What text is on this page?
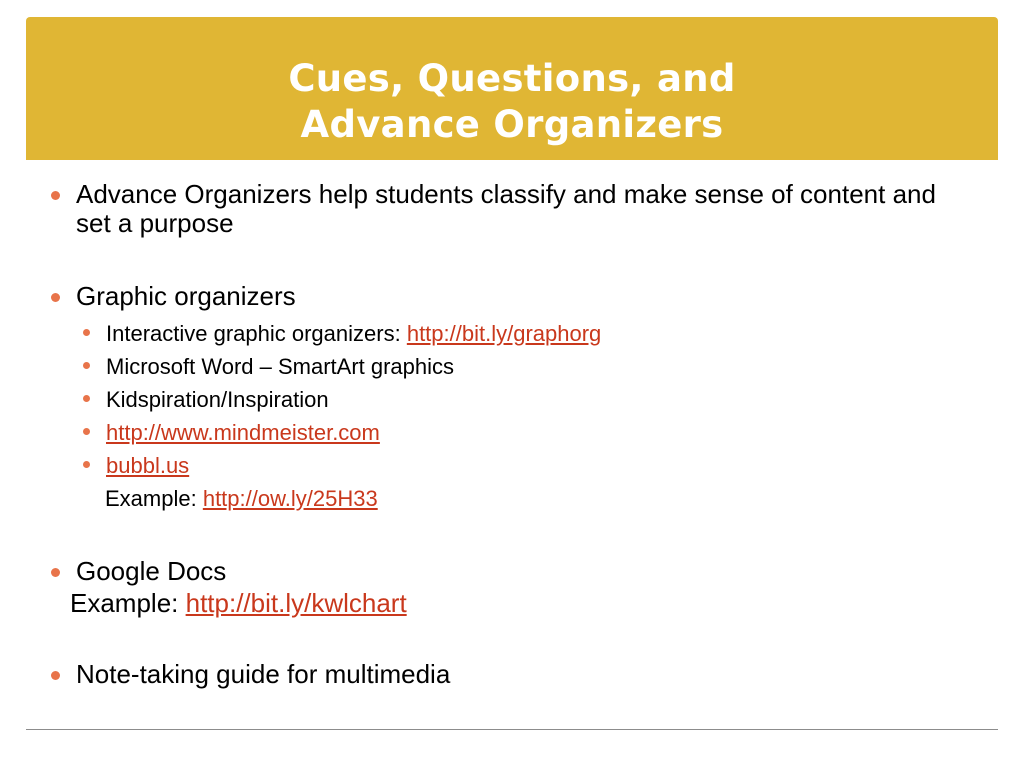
Cues, Questions, and
Advance Organizers
Advance Organizers help students classify and make sense of content and set a purpose
Graphic organizers
Interactive graphic organizers: http://bit.ly/graphorg
Microsoft Word – SmartArt graphics
Kidspiration/Inspiration
http://www.mindmeister.com
bubbl.us
Example: http://ow.ly/25H33
Google Docs
Example: http://bit.ly/kwlchart
Note-taking guide for multimedia
